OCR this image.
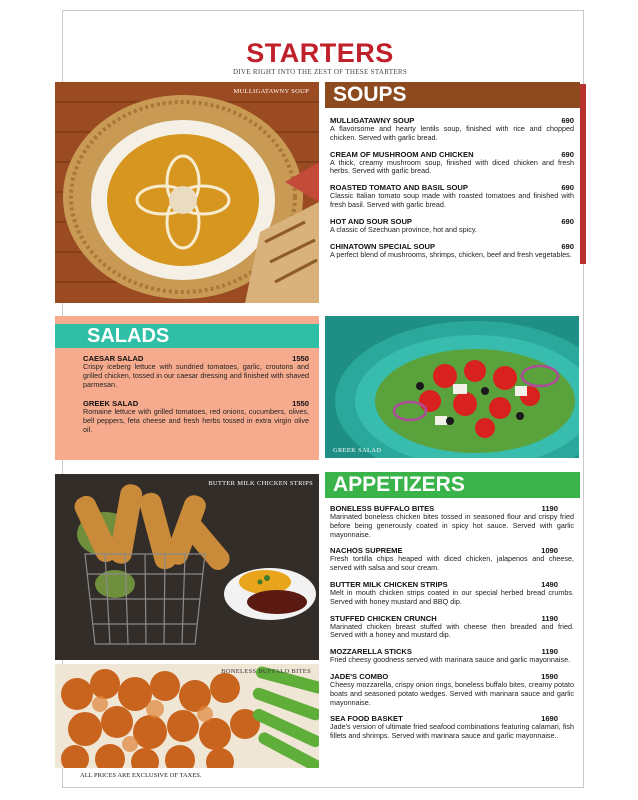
STARTERS
DIVE RIGHT INTO THE ZEST OF THESE STARTERS
MULLIGATAWNY SOUP	SOUPS
MULLIGATAWNY SOUP	690
A flavorsome and hearty lentils soup, finished with rice and chopped chicken. Served with garlic bread.
CREAM OF MUSHROOM AND CHICKEN	690
A thick, creamy mushroom soup, finished with diced chicken and fresh herbs. Served with garlic bread.
ROASTED TOMATO AND BASIL SOUP	690
Classic Italian tomato soup made with roasted tomatoes and finished with fresh basil. Served with garlic bread.
HOT AND SOUR SOUP	690
A classic of Szechuan province, hot and spicy.
CHINATOWN SPECIAL SOUP	690
A perfect blend of mushrooms, shrimps, chicken, beef and fresh vegetables.
SALADS
CAESAR SALAD	1550
Crispy iceberg lettuce with sundried tomatoes, garlic, croutons and grilled chicken, tossed in our caesar dressing and finished with shaved parmesan.
GREEK SALAD	1550
Romaine lettuce with grilled tomatoes, red onions, cucumbers, olives, bell peppers, feta cheese and fresh herbs tossed in extra virgin olive oil.
GREEK SALAD
BUTTER MILK CHICKEN STRIPS
BONELESS BUFFALO BITES
APPETIZERS
BONELESS BUFFALO BITES	1190
Marinated boneless chicken bites tossed in seasoned flour and crispy fried before being generously coated in spicy hot sauce. Served with garlic mayonnaise.
NACHOS SUPREME	1090
Fresh tortilla chips heaped with diced chicken, jalapenos and cheese, served with salsa and sour cream.
BUTTER MILK CHICKEN STRIPS	1490
Melt in mouth chicken strips coated in our special herbed bread crumbs. Served with honey mustard and BBQ dip.
STUFFED CHICKEN CRUNCH	1190
Marinated chicken breast stuffed with cheese then breaded and fried. Served with a honey and mustard dip.
MOZZARELLA STICKS	1190
Fried cheesy goodness served with marinara sauce and garlic mayonnaise.
JADE'S COMBO	1590
Cheesy mozzarella, crispy onion rings, boneless buffalo bites, creamy potato boats and seasoned potato wedges. Served with marinara sauce and garlic mayonnaise.
SEA FOOD BASKET	1690
Jade's version of ultimate fried seafood combinations featuring calamari, fish fillets and shrimps. Served with marinara sauce and garlic mayonnaise..
ALL PRICES ARE EXCLUSIVE OF TAXES.
